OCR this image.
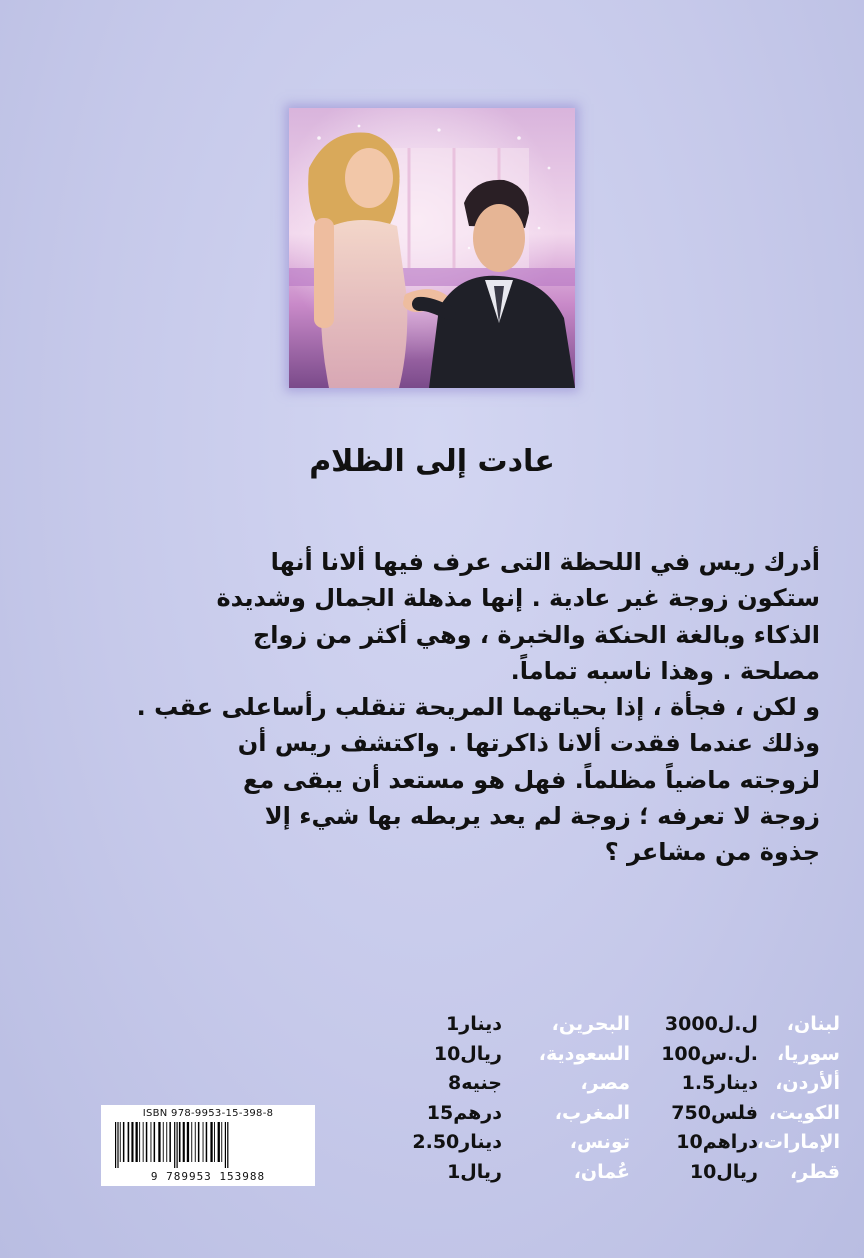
عادت إلى الظلام
أدرك ريس في اللحظة التى عرف فيها ألانا أنها
ستكون زوجة غير عادية . إنها مذهلة الجمال وشديدة
الذكاء وبالغة الحنكة والخبرة ، وهي أكثر من زواج
مصلحة . وهذا ناسبه تماماً.
و لكن ، فجأة ، إذا بحياتهما المريحة تنقلب رأساعلى عقب .
وذلك عندما فقدت ألانا ذاكرتها . واكتشف ريس أن
لزوجته ماضياً مظلماً. فهل هو مستعد أن يبقى مع
زوجة لا تعرفه ؛ زوجة لم يعد يربطه بها شيء إلا
جذوة من مشاعر ؟
ISBN 978-9953-15-398-8
9 789953 153988
لبنان،
3000ل.ل
البحرين،
1دينار
سوريا،
100ل.س.
السعودية،
10ريال
ألأردن،
1.5دينار
مصر،
8جنيه
الكويت،
750فلس
المغرب،
15درهم
الإمارات،
10دراهم
تونس،
2.50دينار
قطر،
10ريال
عُمان،
1ريال
